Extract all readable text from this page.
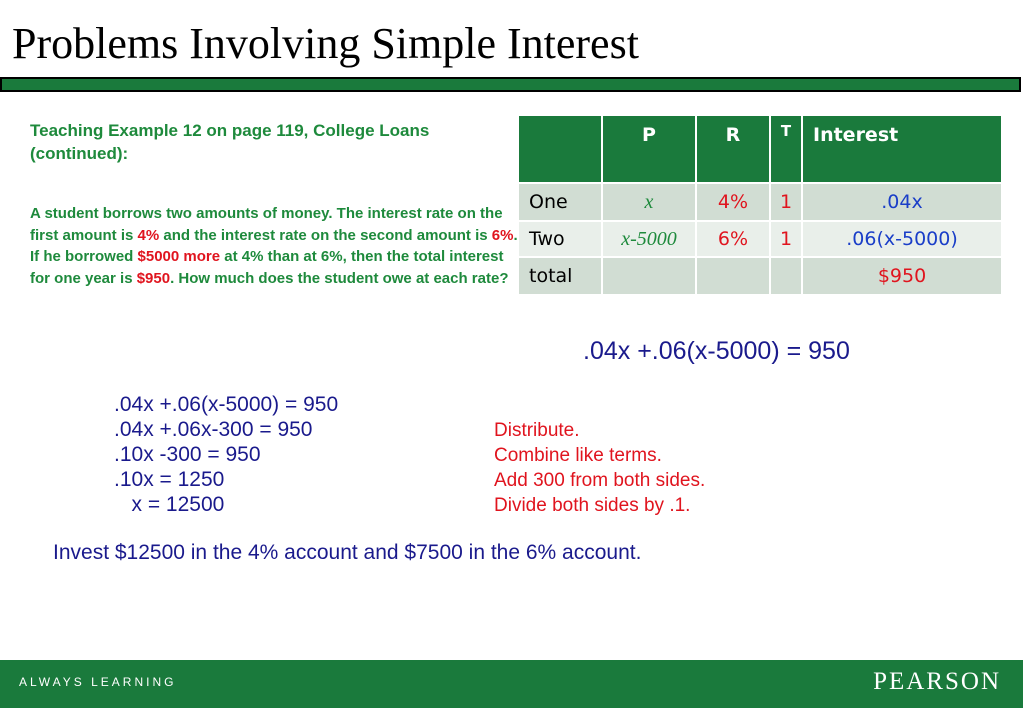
Problems Involving Simple Interest
Teaching Example 12 on page 119, College Loans (continued):
A student borrows two amounts of money. The interest rate on the first amount is 4% and the interest rate on the second amount is 6%. If he borrowed $5000 more at 4% than at 6%, then the total interest for one year is $950. How much does the student owe at each rate?
	P	R	T	Interest
One	x	4%	1	.04x
Two	x-5000	6%	1	.06(x-5000)
total				$950
.04x +.06(x-5000) = 950
.04x +.06(x-5000) = 950
.04x +.06x-300 = 950
.10x -300 = 950
.10x = 1250
x = 12500
Distribute.
Combine like terms.
Add 300 from both sides.
Divide both sides by .1.
Invest $12500 in the 4% account and $7500 in the 6% account.
ALWAYS LEARNING	PEARSON
